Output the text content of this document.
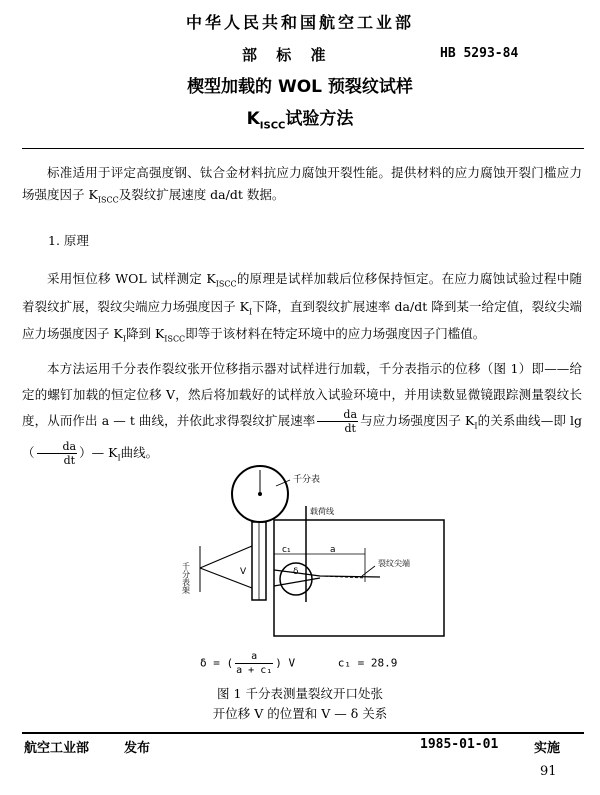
中华人民共和国航空工业部
部 标 准	HB 5293-84
楔型加载的 WOL 预裂纹试样
$K_{ISCC}$试验方法
标准适用于评定高强度钢、钛合金材料抗应力腐蚀开裂性能。提供材料的应力腐蚀开裂门槛应力场强度因子 $K_{ISCC}$及裂纹扩展速度 da/dt 数据。
1. 原理
采用恒位移 WOL 试样测定 $K_{ISCC}$的原理是试样加载后位移保持恒定。在应力腐蚀试验过程中随着裂纹扩展，裂纹尖端应力场强度因子 $K_I$下降，直到裂纹扩展速率 da/dt 降到某一给定值，裂纹尖端应力场强度因子 $K_I$降到 $K_{ISCC}$即等于该材料在特定环境中的应力场强度因子门槛值。
本方法运用千分表作裂纹张开位移指示器对试样进行加载，千分表指示的位移（图 1）即——给定的螺钉加载的恒定位移 V，然后将加载好的试样放入试验环境中，并用读数显微镜跟踪测量裂纹长度，从而作出 a — t 曲线，并依此求得裂纹扩展速率 $\frac{da}{dt}$ 与应力场强度因子 $K_I$的关系曲线—即 lg （ $\frac{da}{dt}$ ）— $K_I$曲线。
千分表
载荷线
裂纹尖端
c₁	a
V	δ
千分表架
δ = ( $\frac{a}{\text{a + c₁}}$ ) V	c₁ = 28.9
图 1 千分表测量裂纹开口处张
开位移 V 的位置和 V — δ 关系
航空工业部	发布	1985-01-01	实施
91
